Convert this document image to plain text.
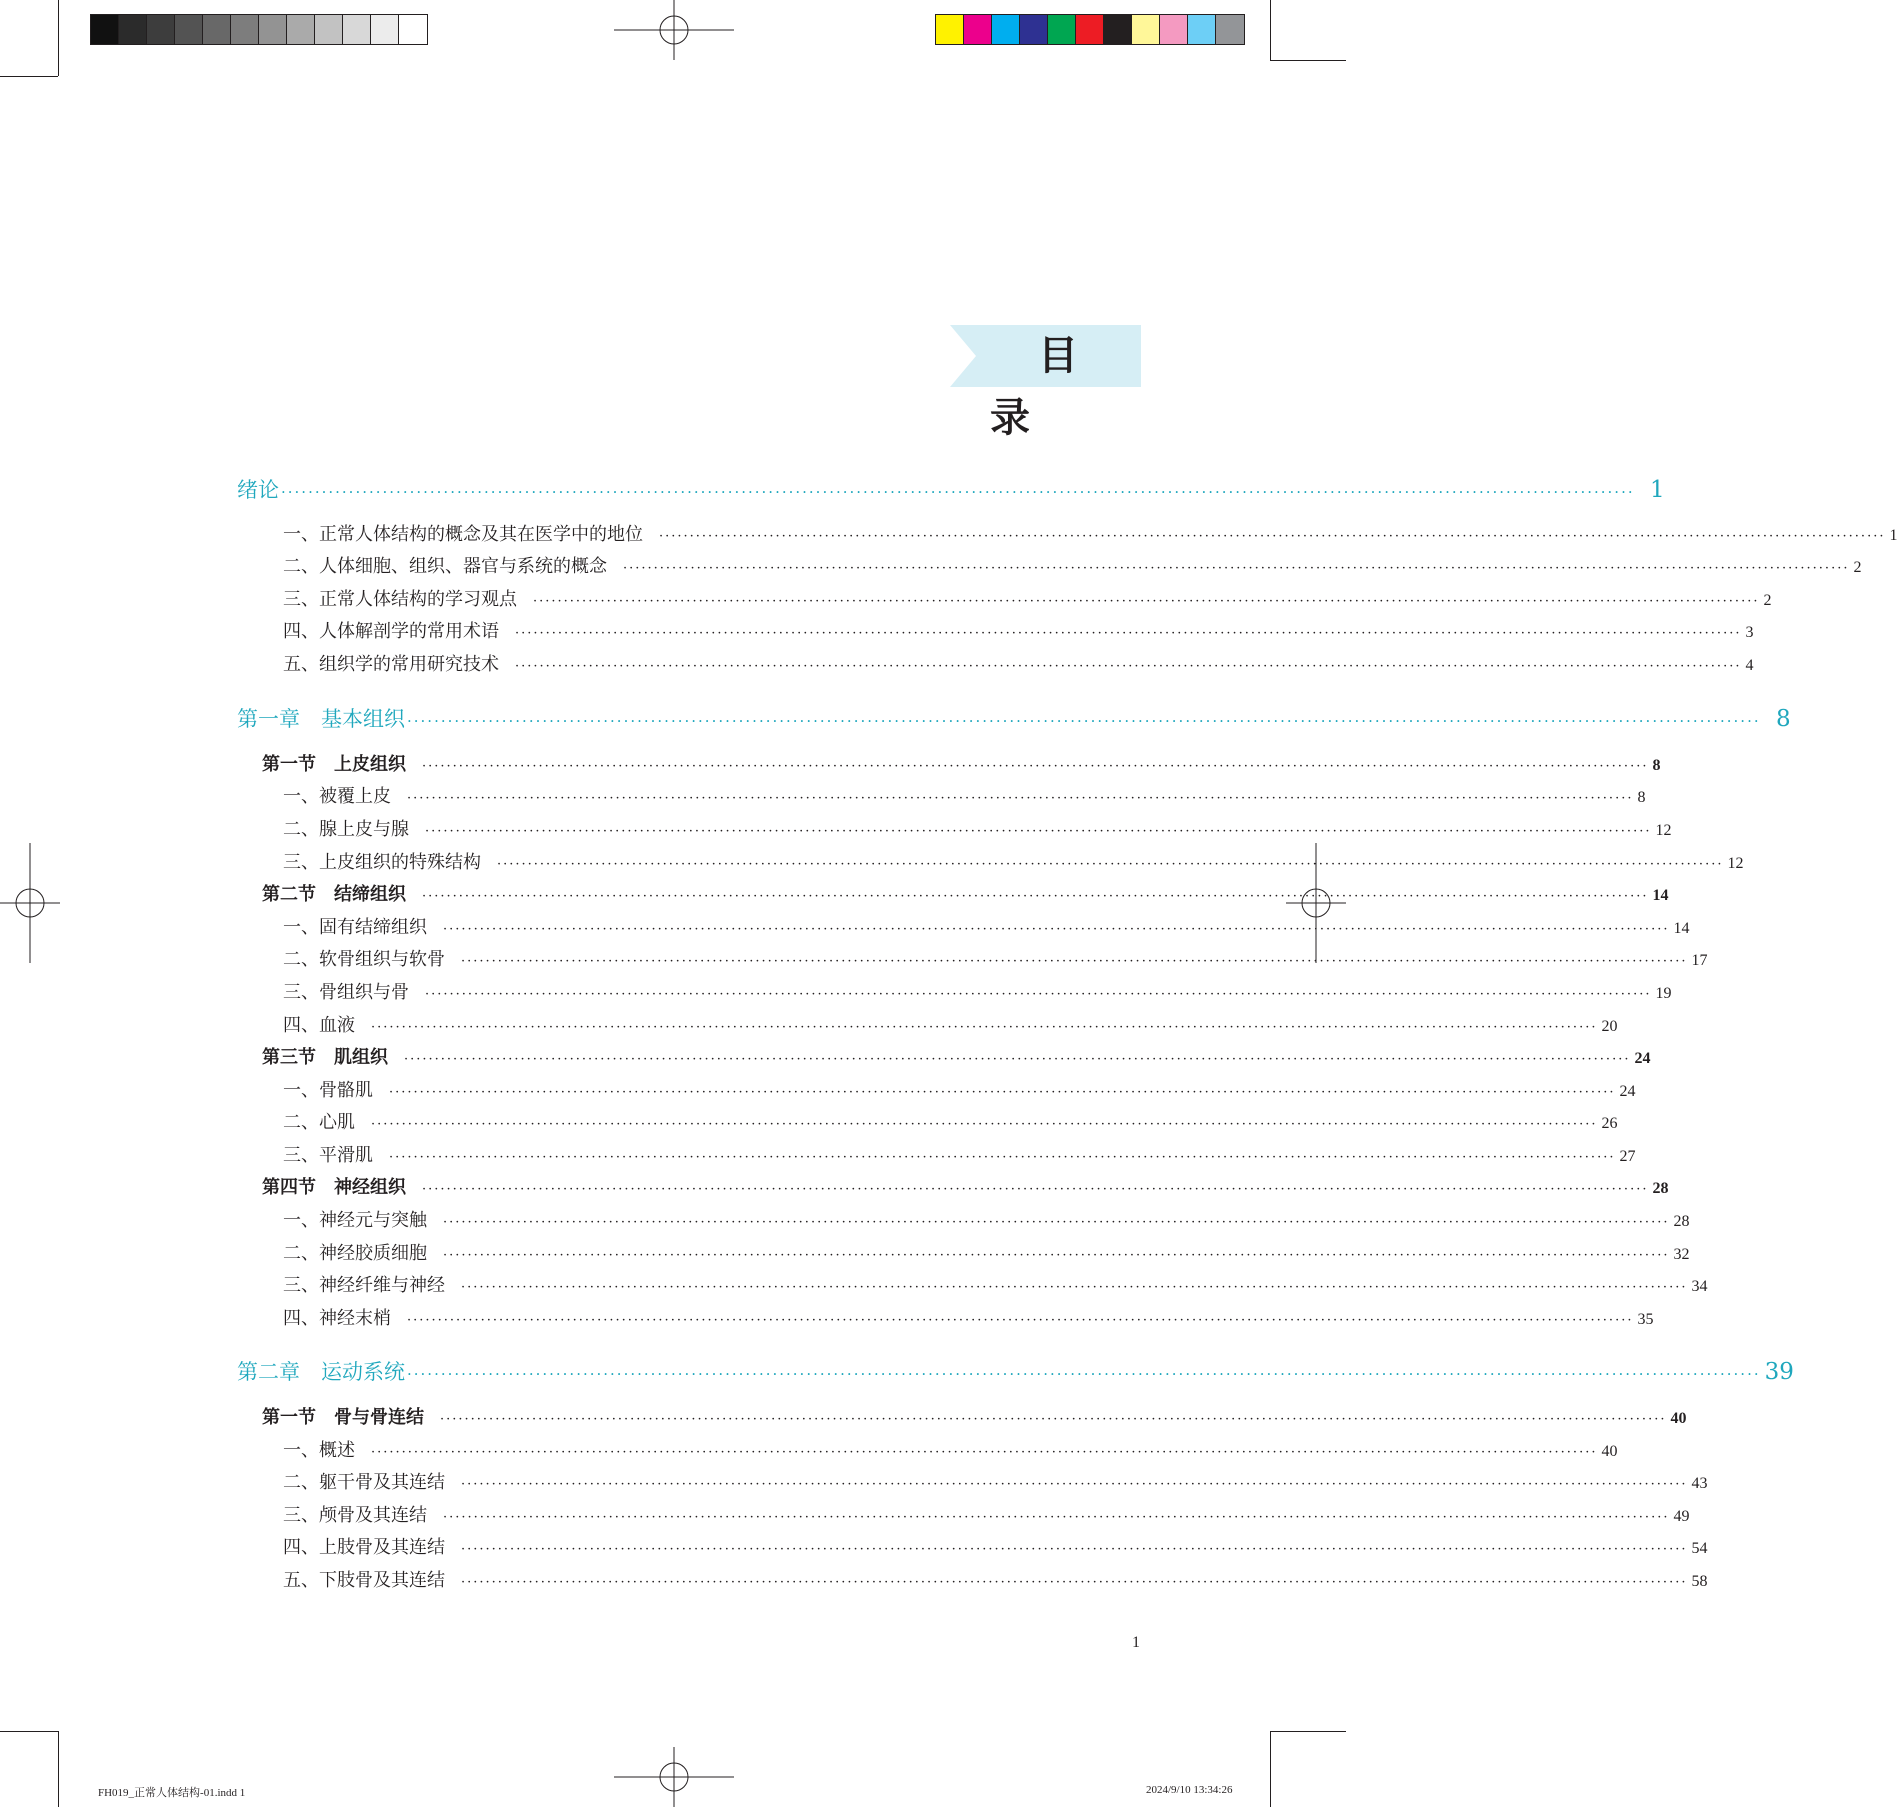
目　录
绪论 ········································································································································································································ 1
一、正常人体结构的概念及其在医学中的地位 ········································································································································································································ 1
二、人体细胞、组织、器官与系统的概念 ········································································································································································································ 2
三、正常人体结构的学习观点 ········································································································································································································ 2
四、人体解剖学的常用术语 ········································································································································································································ 3
五、组织学的常用研究技术 ········································································································································································································ 4
第一章　基本组织 ········································································································································································································ 8
第一节　上皮组织 ········································································································································································································ 8
一、被覆上皮 ········································································································································································································ 8
二、腺上皮与腺 ········································································································································································································ 12
三、上皮组织的特殊结构 ········································································································································································································ 12
第二节　结缔组织 ········································································································································································································ 14
一、固有结缔组织 ········································································································································································································ 14
二、软骨组织与软骨 ········································································································································································································ 17
三、骨组织与骨 ········································································································································································································ 19
四、血液 ········································································································································································································ 20
第三节　肌组织 ········································································································································································································ 24
一、骨骼肌 ········································································································································································································ 24
二、心肌 ········································································································································································································ 26
三、平滑肌 ········································································································································································································ 27
第四节　神经组织 ········································································································································································································ 28
一、神经元与突触 ········································································································································································································ 28
二、神经胶质细胞 ········································································································································································································ 32
三、神经纤维与神经 ········································································································································································································ 34
四、神经末梢 ········································································································································································································ 35
第二章　运动系统 ········································································································································································································ 39
第一节　骨与骨连结 ········································································································································································································ 40
一、概述 ········································································································································································································ 40
二、躯干骨及其连结 ········································································································································································································ 43
三、颅骨及其连结 ········································································································································································································ 49
四、上肢骨及其连结 ········································································································································································································ 54
五、下肢骨及其连结 ········································································································································································································ 58
1
FH019_正常人体结构-01.indd 1	2024/9/10 13:34:26
